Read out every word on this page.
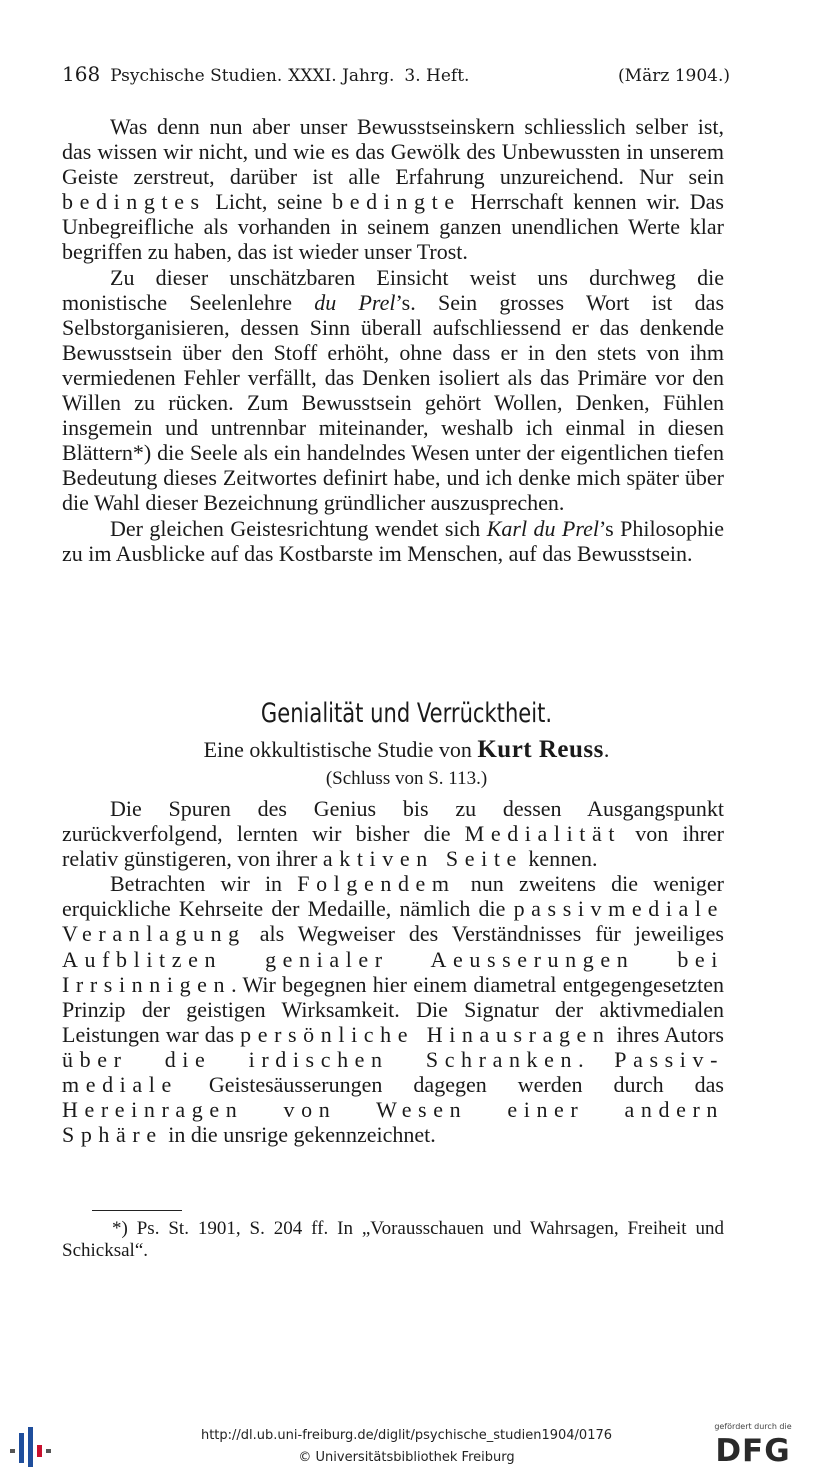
168 Psychische Studien. XXXI. Jahrg. 3. Heft.	(März 1904.)

Was denn nun aber unser Bewusstseinskern schliesslich selber ist, das wissen wir nicht, und wie es das Gewölk des Unbewussten in unserem Geiste zerstreut, darüber ist alle Erfahrung unzureichend. Nur sein bedingtes Licht, seine bedingte Herrschaft kennen wir. Das Unbegreifliche als vorhanden in seinem ganzen unendlichen Werte klar begriffen zu haben, das ist wieder unser Trost.

Zu dieser unschätzbaren Einsicht weist uns durchweg die monistische Seelenlehre du Prel’s. Sein grosses Wort ist das Selbstorganisieren, dessen Sinn überall aufschliessend er das denkende Bewusstsein über den Stoff erhöht, ohne dass er in den stets von ihm vermiedenen Fehler verfällt, das Denken isoliert als das Primäre vor den Willen zu rücken. Zum Bewusstsein gehört Wollen, Denken, Fühlen insgemein und untrennbar miteinander, weshalb ich einmal in diesen Blättern*) die Seele als ein handelndes Wesen unter der eigentlichen tiefen Bedeutung dieses Zeitwortes definirt habe, und ich denke mich später über die Wahl dieser Bezeichnung gründlicher auszusprechen.

Der gleichen Geistesrichtung wendet sich Karl du Prel’s Philosophie zu im Ausblicke auf das Kostbarste im Menschen, auf das Bewusstsein.

Genialität und Verrücktheit.
Eine okkultistische Studie von Kurt Reuss.
(Schluss von S. 113.)

Die Spuren des Genius bis zu dessen Ausgangspunkt zurückverfolgend, lernten wir bisher die Medialität von ihrer relativ günstigeren, von ihrer aktiven Seite kennen.

Betrachten wir in Folgendem nun zweitens die weniger erquickliche Kehrseite der Medaille, nämlich die passivmediale Veranlagung als Wegweiser des Verständnisses für jeweiliges Aufblitzen genialer Aeusserungen bei Irrsinnigen. Wir begegnen hier einem diametral entgegengesetzten Prinzip der geistigen Wirksamkeit. Die Signatur der aktivmedialen Leistungen war das persönliche Hinausragen ihres Autors über die irdischen Schranken. Passiv-mediale Geistesäusserungen dagegen werden durch das Hereinragen von Wesen einer andern Sphäre in die unsrige gekennzeichnet.

*) Ps. St. 1901, S. 204 ff. In „Vorausschauen und Wahrsagen, Freiheit und Schicksal“.
http://dl.ub.uni-freiburg.de/diglit/psychische_studien1904/0176
© Universitätsbibliothek Freiburg
gefördert durch die
DFG
